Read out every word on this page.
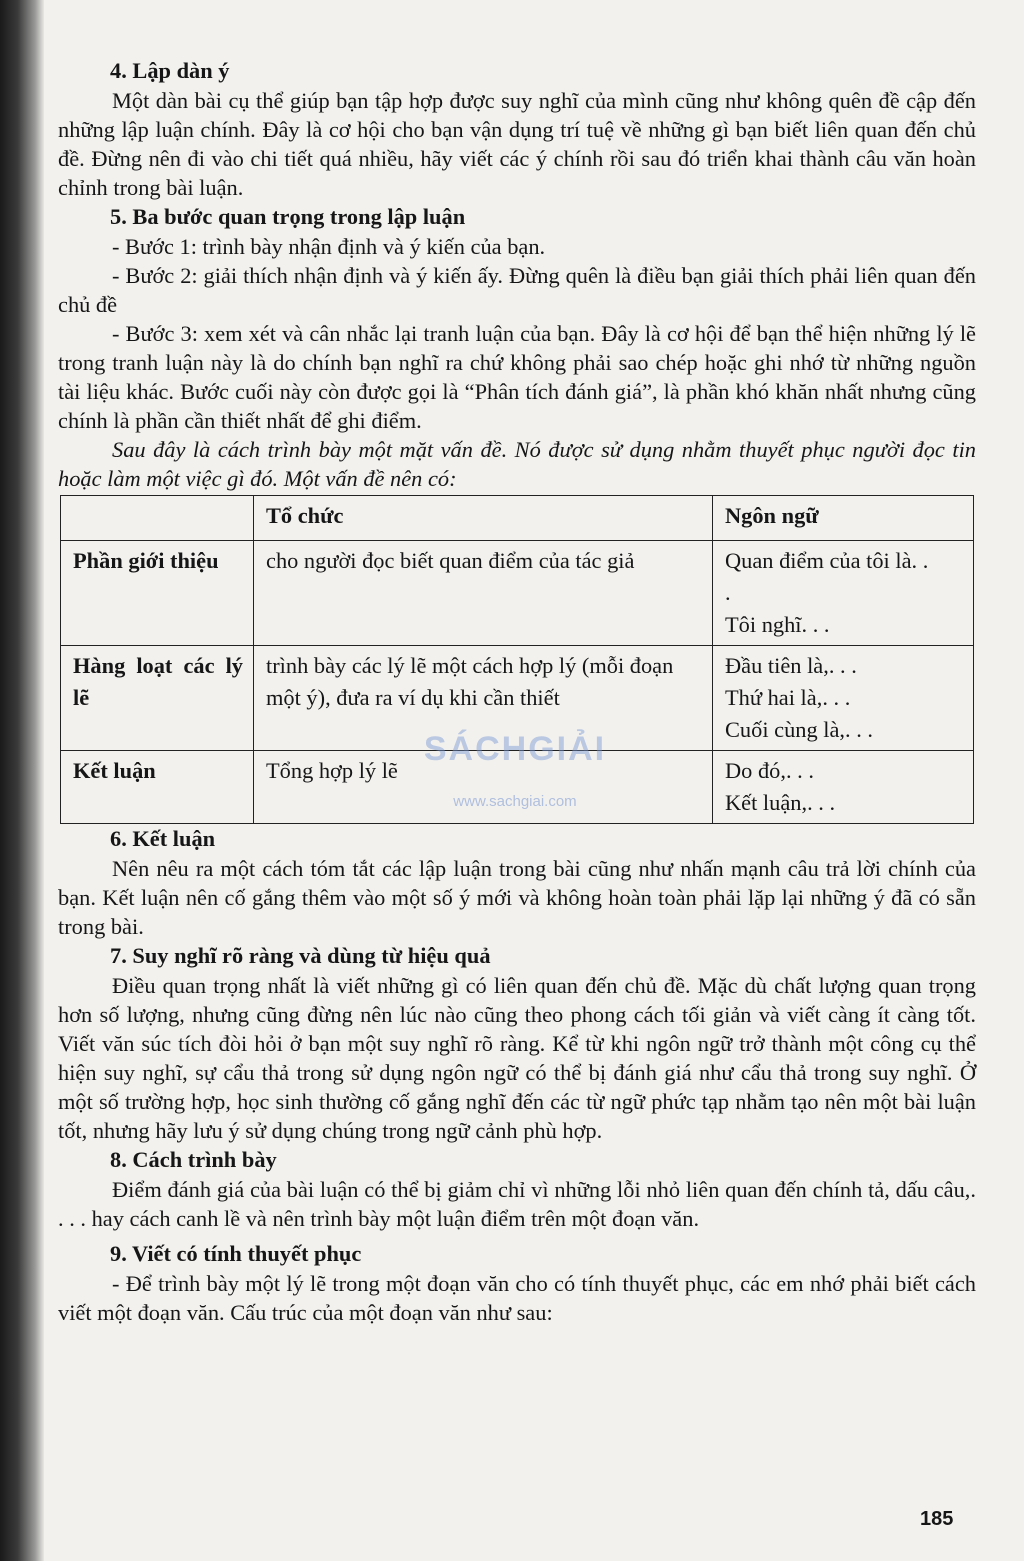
4. Lập dàn ý

Một dàn bài cụ thể giúp bạn tập hợp được suy nghĩ của mình cũng như không quên đề cập đến những lập luận chính. Đây là cơ hội cho bạn vận dụng trí tuệ về những gì bạn biết liên quan đến chủ đề. Đừng nên đi vào chi tiết quá nhiều, hãy viết các ý chính rồi sau đó triển khai thành câu văn hoàn chỉnh trong bài luận.

5. Ba bước quan trọng trong lập luận

- Bước 1: trình bày nhận định và ý kiến của bạn.

- Bước 2: giải thích nhận định và ý kiến ấy. Đừng quên là điều bạn giải thích phải liên quan đến chủ đề

- Bước 3: xem xét và cân nhắc lại tranh luận của bạn. Đây là cơ hội để bạn thể hiện những lý lẽ trong tranh luận này là do chính bạn nghĩ ra chứ không phải sao chép hoặc ghi nhớ từ những nguồn tài liệu khác. Bước cuối này còn được gọi là “Phân tích đánh giá”, là phần khó khăn nhất nhưng cũng chính là phần cần thiết nhất để ghi điểm.

Sau đây là cách trình bày một mặt vấn đề. Nó được sử dụng nhằm thuyết phục người đọc tin hoặc làm một việc gì đó. Một vấn đề nên có:

	Tổ chức	Ngôn ngữ
Phần giới thiệu	cho người đọc biết quan điểm của tác giả	Quan điểm của tôi là. .
.
Tôi nghĩ. . .

Hàng loạt các lý lẽ	trình bày các lý lẽ một cách hợp lý (mỗi đoạn một ý), đưa ra ví dụ khi cần thiết	Đầu tiên là,. . .
Thứ hai là,. . .
Cuối cùng là,. . .

Kết luận	Tổng hợp lý lẽ	Do đó,. . .
Kết luận,. . .
6. Kết luận

Nên nêu ra một cách tóm tắt các lập luận trong bài cũng như nhấn mạnh câu trả lời chính của bạn. Kết luận nên cố gắng thêm vào một số ý mới và không hoàn toàn phải lặp lại những ý đã có sẵn trong bài.

7. Suy nghĩ rõ ràng và dùng từ hiệu quả

Điều quan trọng nhất là viết những gì có liên quan đến chủ đề. Mặc dù chất lượng quan trọng hơn số lượng, nhưng cũng đừng nên lúc nào cũng theo phong cách tối giản và viết càng ít càng tốt. Viết văn súc tích đòi hỏi ở bạn một suy nghĩ rõ ràng. Kể từ khi ngôn ngữ trở thành một công cụ thể hiện suy nghĩ, sự cẩu thả trong sử dụng ngôn ngữ có thể bị đánh giá như cẩu thả trong suy nghĩ. Ở một số trường hợp, học sinh thường cố gắng nghĩ đến các từ ngữ phức tạp nhằm tạo nên một bài luận tốt, nhưng hãy lưu ý sử dụng chúng trong ngữ cảnh phù hợp.

8. Cách trình bày

Điểm đánh giá của bài luận có thể bị giảm chỉ vì những lỗi nhỏ liên quan đến chính tả, dấu câu,. . . . hay cách canh lề và nên trình bày một luận điểm trên một đoạn văn.

9. Viết có tính thuyết phục

- Để trình bày một lý lẽ trong một đoạn văn cho có tính thuyết phục, các em nhớ phải biết cách viết một đoạn văn. Cấu trúc của một đoạn văn như sau:

SÁCHGIẢI
www.sachgiai.com
185
